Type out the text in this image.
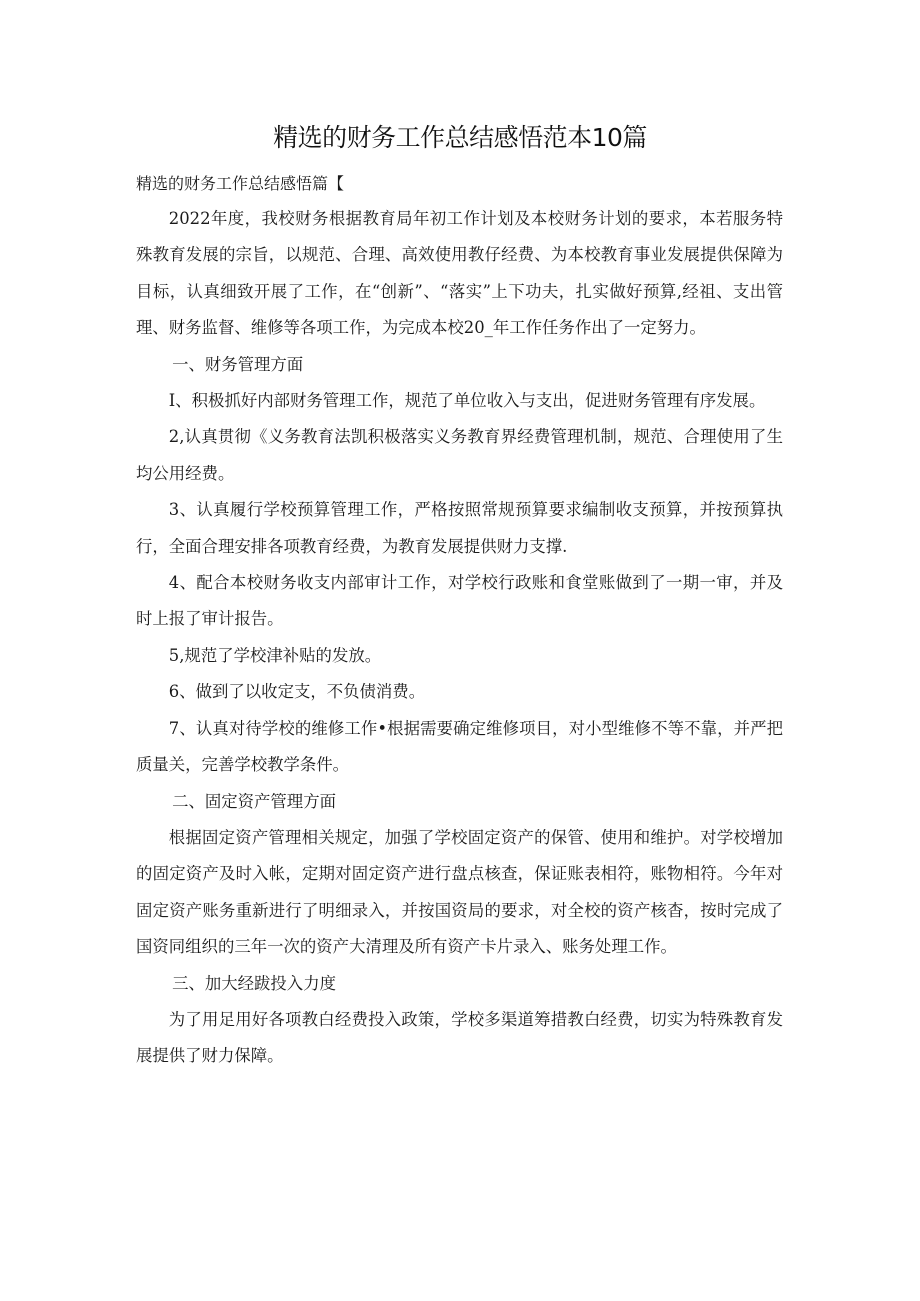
精选的财务工作总结感悟范本10篇
精选的财务工作总结感悟篇【

2022年度，我校财务根据教育局年初工作计划及本校财务计划的要求，本若服务特殊教育发展的宗旨，以规范、合理、高效使用教仔经费、为本校教育事业发展提供保障为目标，认真细致开展了工作，在“创新”、“落实”上下功夫，扎实做好预算,经祖、支出管理、财务监督、维修等各项工作，为完成本校20_年工作任务作出了一定努力。

一、财务管理方面

I、积极抓好内部财务管理工作，规范了单位收入与支出，促进财务管理有序发展。

2,认真贯彻《义务教育法凯积极落实义务教育界经费管理机制，规范、合理使用了生均公用经费。

3、认真履行学校预算管理工作，严格按照常规预算要求编制收支预算，并按预算执行，全面合理安排各项教育经费，为教育发展提供财力支撑.

4、配合本校财务收支内部审计工作，对学校行政账和食堂账做到了一期一审，并及时上报了审计报告。

5,规范了学校津补贴的发放。

6、做到了以收定支，不负债消费。

7、认真对待学校的维修工作•根据需要确定维修项目，对小型维修不等不靠，并严把质量关，完善学校教学条件。

二、固定资产管理方面

根据固定资产管理相关规定，加强了学校固定资产的保管、使用和维护。对学校增加的固定资产及时入帐，定期对固定资产进行盘点核查，保证账表相符，账物相符。今年对固定资产账务重新进行了明细录入，并按国资局的要求，对全校的资产核杳，按时完成了国资同组织的三年一次的资产大清理及所有资产卡片录入、账务处理工作。

三、加大经跋投入力度

为了用足用好各项教白经费投入政策，学校多渠道筹措教白经费，切实为特殊教育发展提供了财力保障。
